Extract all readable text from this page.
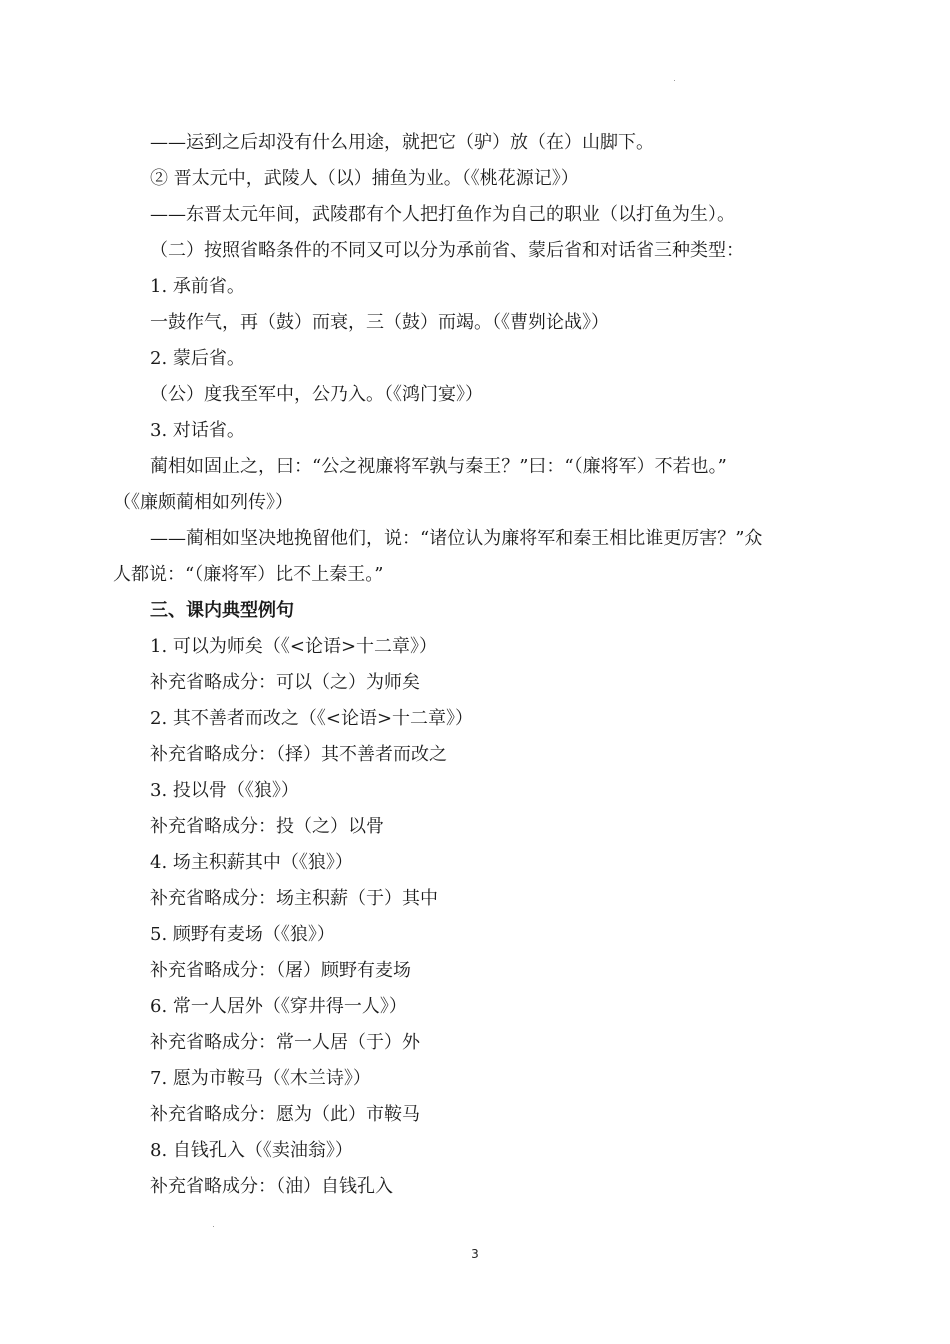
——运到之后却没有什么用途，就把它（驴）放（在）山脚下。
② 晋太元中，武陵人（以）捕鱼为业。（《桃花源记》）
——东晋太元年间，武陵郡有个人把打鱼作为自己的职业（以打鱼为生）。
（二）按照省略条件的不同又可以分为承前省、蒙后省和对话省三种类型：
1. 承前省。
一鼓作气，再（鼓）而衰，三（鼓）而竭。（《曹刿论战》）
2. 蒙后省。
（公）度我至军中，公乃入。（《鸿门宴》）
3. 对话省。
蔺相如固止之，曰：“公之视廉将军孰与秦王？”曰：“（廉将军）不若也。”
（《廉颇蔺相如列传》）
——蔺相如坚决地挽留他们，说：“诸位认为廉将军和秦王相比谁更厉害？”众
人都说：“（廉将军）比不上秦王。”
三、课内典型例句
1. 可以为师矣（《<论语>十二章》）
补充省略成分：可以（之）为师矣
2. 其不善者而改之（《<论语>十二章》）
补充省略成分：（择）其不善者而改之
3. 投以骨（《狼》）
补充省略成分：投（之）以骨
4. 场主积薪其中（《狼》）
补充省略成分：场主积薪（于）其中
5. 顾野有麦场（《狼》）
补充省略成分：（屠）顾野有麦场
6. 常一人居外（《穿井得一人》）
补充省略成分：常一人居（于）外
7. 愿为市鞍马（《木兰诗》）
补充省略成分：愿为（此）市鞍马
8. 自钱孔入（《卖油翁》）
补充省略成分：（油）自钱孔入
3
